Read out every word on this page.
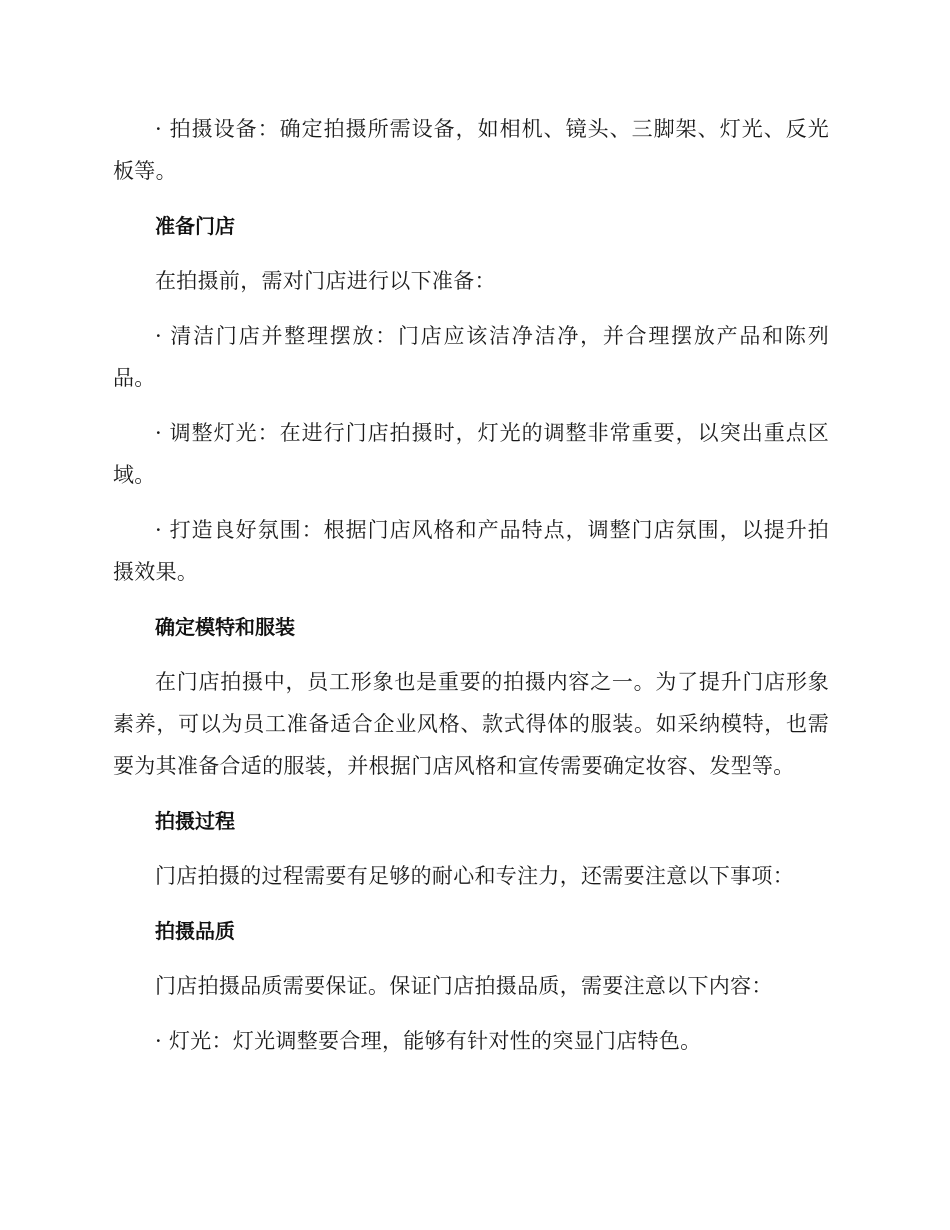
· 拍摄设备：确定拍摄所需设备，如相机、镜头、三脚架、灯光、反光板等。

准备门店

在拍摄前，需对门店进行以下准备：

· 清洁门店并整理摆放：门店应该洁净洁净，并合理摆放产品和陈列品。

· 调整灯光：在进行门店拍摄时，灯光的调整非常重要，以突出重点区域。

· 打造良好氛围：根据门店风格和产品特点，调整门店氛围，以提升拍摄效果。

确定模特和服装

在门店拍摄中，员工形象也是重要的拍摄内容之一。为了提升门店形象素养，可以为员工准备适合企业风格、款式得体的服装。如采纳模特，也需要为其准备合适的服装，并根据门店风格和宣传需要确定妆容、发型等。

拍摄过程

门店拍摄的过程需要有足够的耐心和专注力，还需要注意以下事项：

拍摄品质

门店拍摄品质需要保证。保证门店拍摄品质，需要注意以下内容：

· 灯光：灯光调整要合理，能够有针对性的突显门店特色。
